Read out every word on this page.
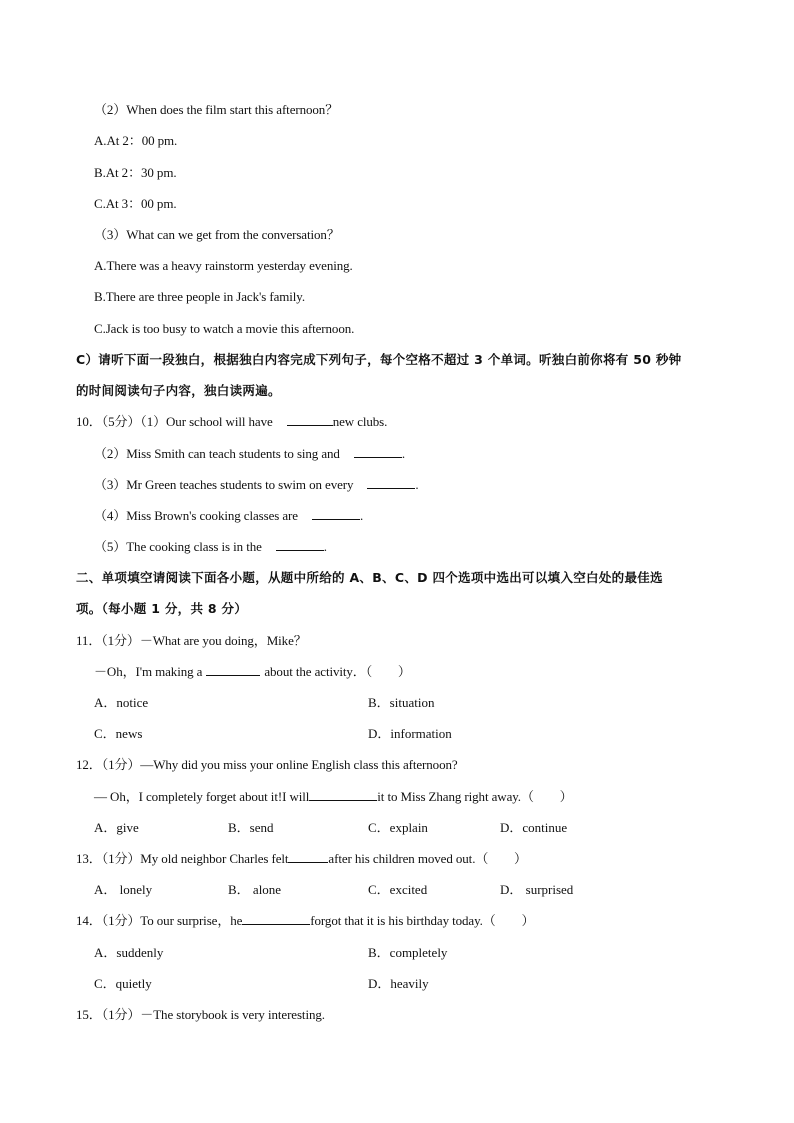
（2）When does the film start this afternoon？
A.At 2：00 pm.
B.At 2：30 pm.
C.At 3：00 pm.
（3）What can we get from the conversation？
A.There was a heavy rainstorm yesterday evening.
B.There are three people in Jack's family.
C.Jack is too busy to watch a movie this afternoon.
C）请听下面一段独白，根据独白内容完成下列句子，每个空格不超过 3 个单词。听独白前你将有 50 秒钟
的时间阅读句子内容，独白读两遍。
10．（5分）（1）Our school will have	new clubs.
（2）Miss Smith can teach students to sing and	.
（3）Mr Green teaches students to swim on every	.
（4）Miss Brown's cooking classes are	.
（5）The cooking class is in the	.
二、单项填空请阅读下面各小题，从题中所给的 A、B、C、D 四个选项中选出可以填入空白处的最佳选
项。（每小题 1 分，共 8 分）
11．（1分）－What are you doing，Mike？
－Oh，I'm making a	about the activity．（　　）
A．notice	B．situation
C．news	D．information
12．（1分）—Why did you miss your online English class this afternoon?
— Oh，I completely forget about it!I will	it to Miss Zhang right away.（　　）
A．give	B．send	C．explain	D．continue
13．（1分）My old neighbor Charles felt	after his children moved out.（　　）
A． lonely	B． alone	C．excited	D． surprised
14．（1分）To our surprise，he	forgot that it is his birthday today.（　　）
A．suddenly	B．completely
C．quietly	D．heavily
15．（1分）－The storybook is very interesting.
